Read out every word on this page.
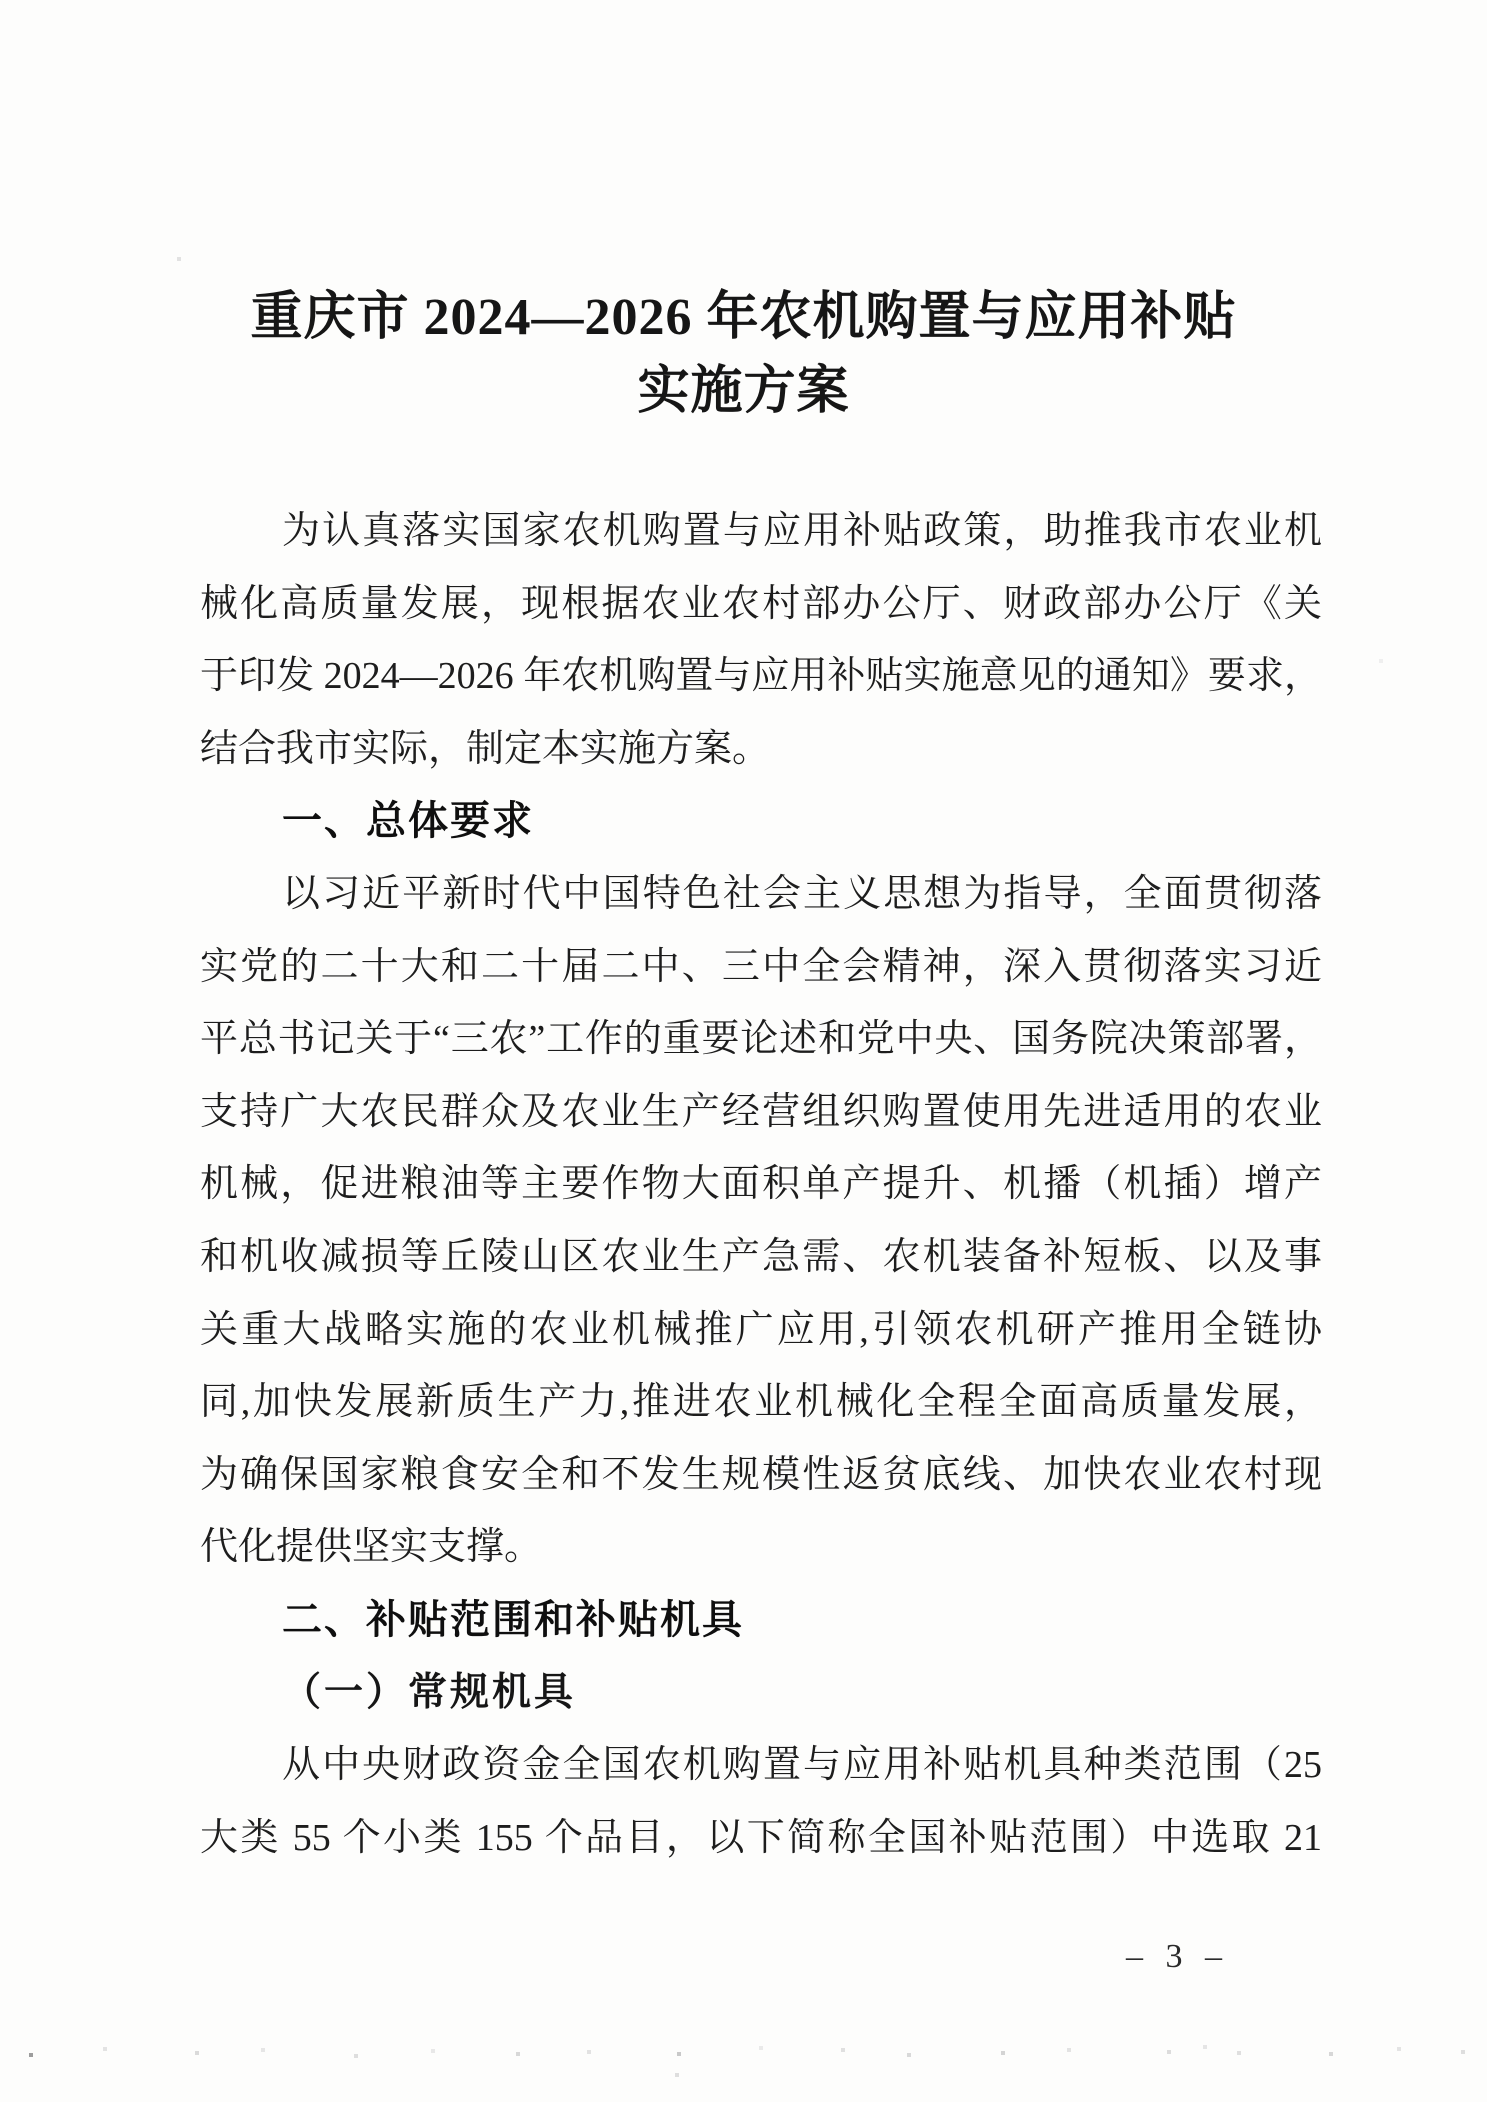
重庆市 2024—2026 年农机购置与应用补贴
实施方案
为认真落实国家农机购置与应用补贴政策，助推我市农业机
械化高质量发展，现根据农业农村部办公厅、财政部办公厅《关
于印发 2024—2026 年农机购置与应用补贴实施意见的通知》要求，
结合我市实际，制定本实施方案。
一、总体要求
以习近平新时代中国特色社会主义思想为指导，全面贯彻落
实党的二十大和二十届二中、三中全会精神，深入贯彻落实习近
平总书记关于“三农”工作的重要论述和党中央、国务院决策部署，
支持广大农民群众及农业生产经营组织购置使用先进适用的农业
机械，促进粮油等主要作物大面积单产提升、机播（机插）增产
和机收减损等丘陵山区农业生产急需、农机装备补短板、以及事
关重大战略实施的农业机械推广应用,引领农机研产推用全链协
同,加快发展新质生产力,推进农业机械化全程全面高质量发展，
为确保国家粮食安全和不发生规模性返贫底线、加快农业农村现
代化提供坚实支撑。
二、补贴范围和补贴机具
（一）常规机具
从中央财政资金全国农机购置与应用补贴机具种类范围（25
大类 55 个小类 155 个品目，以下简称全国补贴范围）中选取 21
– 3 –
